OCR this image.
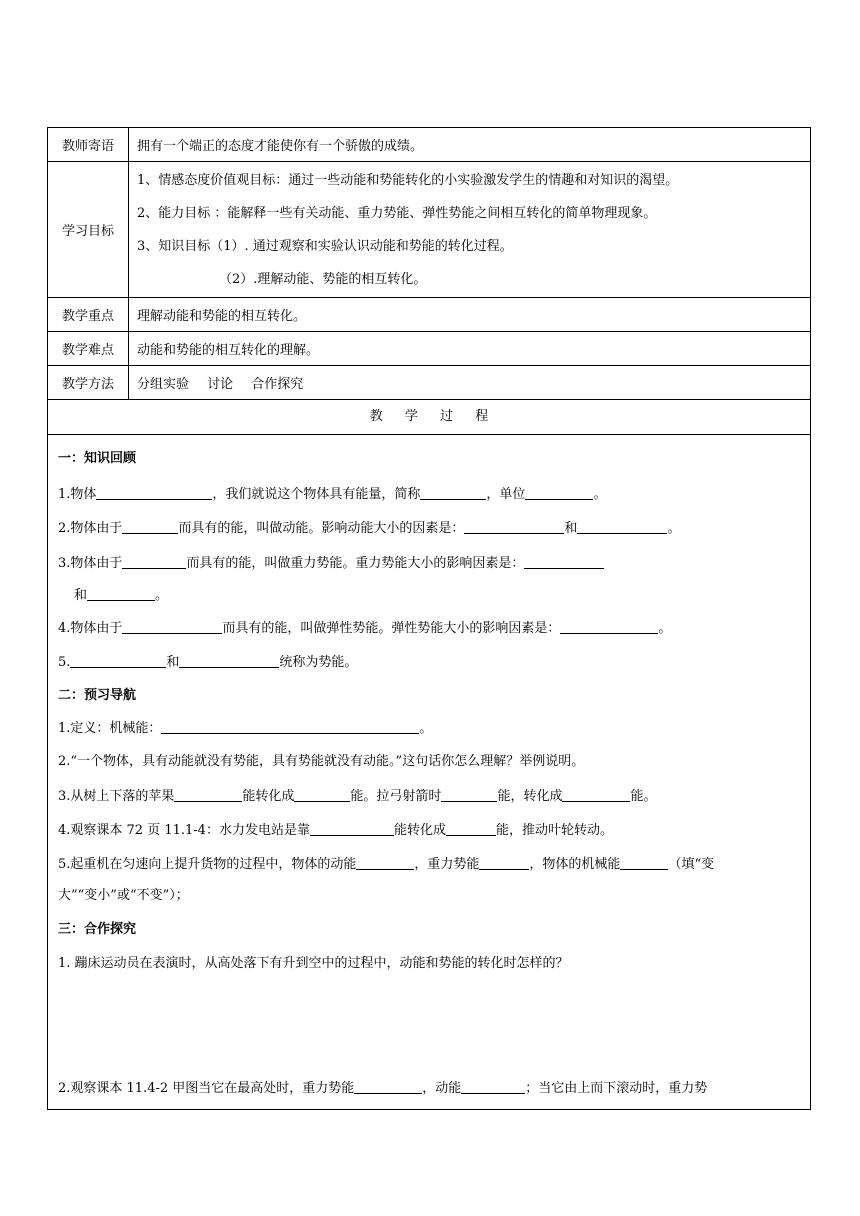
教师寄语	拥有一个端正的态度才能使你有一个骄傲的成绩。
学习目标	1、情感态度价值观目标：通过一些动能和势能转化的小实验激发学生的情趣和对知识的渴望。
2、能力目标 ：能解释一些有关动能、重力势能、弹性势能之间相互转化的简单物理现象。
3、知识目标（1）. 通过观察和实验认识动能和势能的转化过程。
（2）.理解动能、势能的相互转化。

教学重点	理解动能和势能的相互转化。
教学难点	动能和势能的相互转化的理解。
教学方法	分组实验 讨论 合作探究
教 学 过 程
一：知识回顾
1.物体	，我们就说这个物体具有能量，简称	，单位	。
2.物体由于	而具有的能，叫做动能。影响动能大小的因素是：	和	。
3.物体由于	而具有的能，叫做重力势能。重力势能大小的影响因素是：
和	。
4.物体由于	而具有的能，叫做弹性势能。弹性势能大小的影响因素是：	。
5.	和	统称为势能。
二：预习导航
1.定义：机械能：	。
2.“一个物体，具有动能就没有势能，具有势能就没有动能。”这句话你怎么理解？举例说明。
3.从树上下落的苹果	能转化成	能。拉弓射箭时	能，转化成	能。
4.观察课本 72 页 11.1-4：水力发电站是靠	能转化成	能，推动叶轮转动。
5.起重机在匀速向上提升货物的过程中，物体的动能	，重力势能	，物体的机械能	（填“变
大”“变小”或“不变”）；
三：合作探究
1. 蹦床运动员在表演时，从高处落下有升到空中的过程中，动能和势能的转化时怎样的？
2.观察课本 11.4-2 甲图当它在最高处时，重力势能	，动能	；当它由上而下滚动时，重力势
